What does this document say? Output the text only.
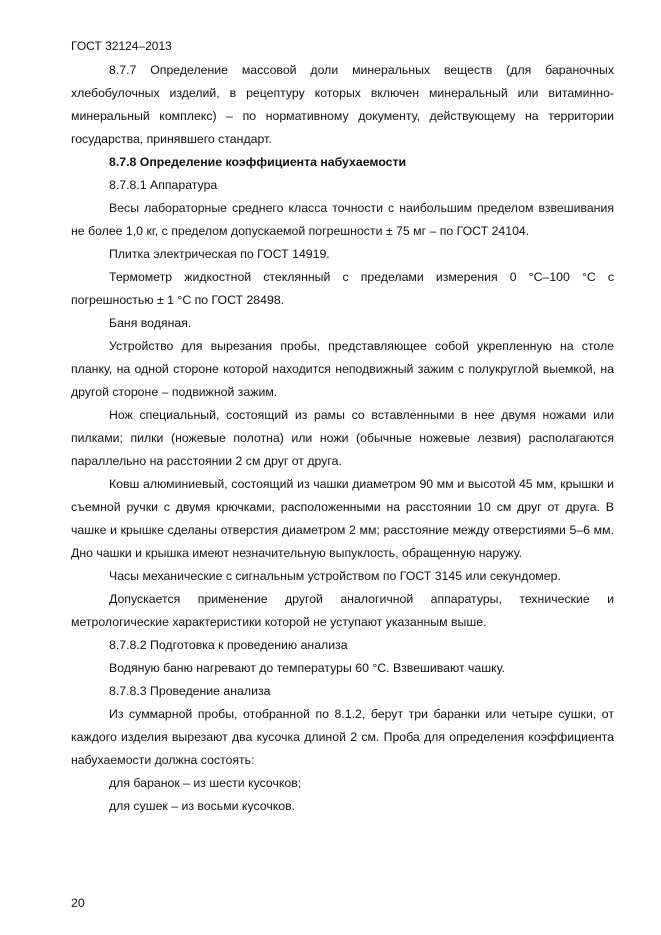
ГОСТ 32124–2013

8.7.7 Определение массовой доли минеральных веществ (для бараночных хлебобулочных изделий, в рецептуру которых включен минеральный или витаминно-минеральный комплекс) – по нормативному документу, действующему на территории государства, принявшего стандарт.

8.7.8 Определение коэффициента набухаемости

8.7.8.1 Аппаратура

Весы лабораторные среднего класса точности с наибольшим пределом взвешивания не более 1,0 кг, с пределом допускаемой погрешности ± 75 мг – по ГОСТ 24104.

Плитка электрическая по ГОСТ 14919.

Термометр жидкостной стеклянный с пределами измерения 0 °С–100 °С с погрешностью ± 1 °С по ГОСТ 28498.

Баня водяная.

Устройство для вырезания пробы, представляющее собой укрепленную на столе планку, на одной стороне которой находится неподвижный зажим с полукруглой выемкой, на другой стороне – подвижной зажим.

Нож специальный, состоящий из рамы со вставленными в нее двумя ножами или пилками; пилки (ножевые полотна) или ножи (обычные ножевые лезвия) располагаются параллельно на расстоянии 2 см друг от друга.

Ковш алюминиевый, состоящий из чашки диаметром 90 мм и высотой 45 мм, крышки и съемной ручки с двумя крючками, расположенными на расстоянии 10 см друг от друга. В чашке и крышке сделаны отверстия диаметром 2 мм; расстояние между отверстиями 5–6 мм. Дно чашки и крышка имеют незначительную выпуклость, обращенную наружу.

Часы механические с сигнальным устройством по ГОСТ 3145 или секундомер.

Допускается применение другой аналогичной аппаратуры, технические и метрологические характеристики которой не уступают указанным выше.

8.7.8.2 Подготовка к проведению анализа

Водяную баню нагревают до температуры 60 °С. Взвешивают чашку.

8.7.8.3 Проведение анализа

Из суммарной пробы, отобранной по 8.1.2, берут три баранки или четыре сушки, от каждого изделия вырезают два кусочка длиной 2 см. Проба для определения коэффициента набухаемости должна состоять:

для баранок – из шести кусочков;

для сушек – из восьми кусочков.

20
